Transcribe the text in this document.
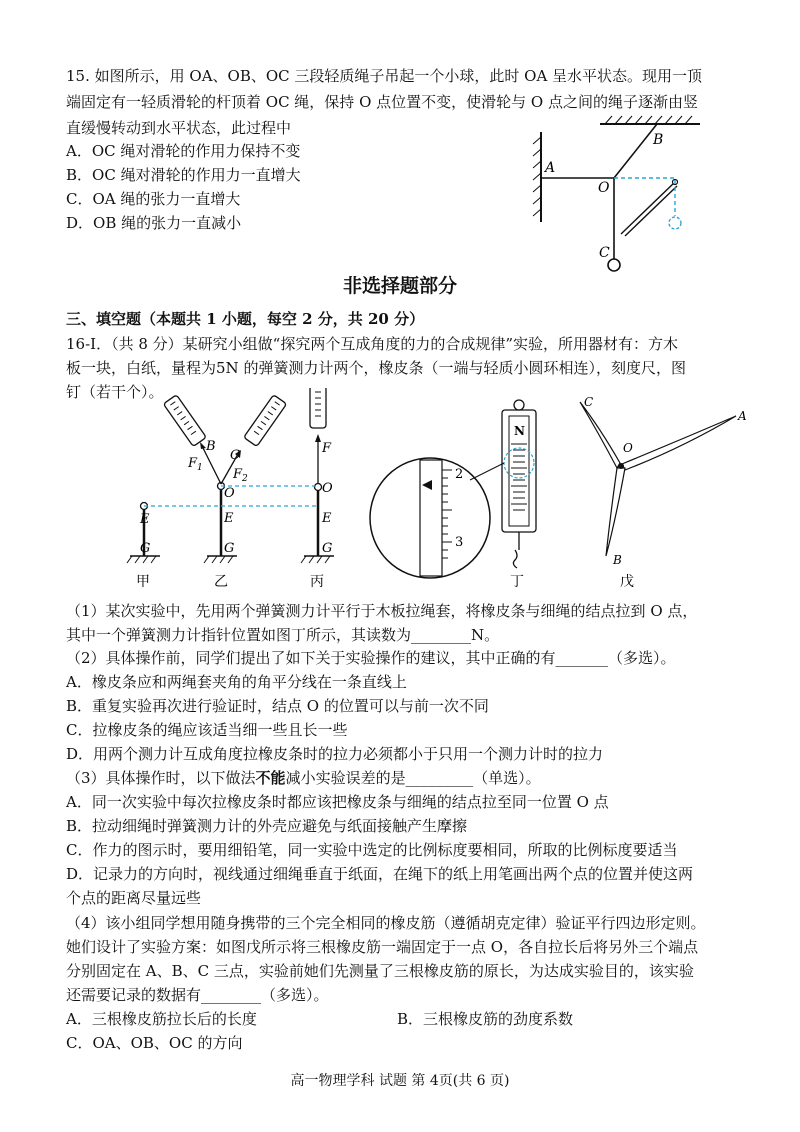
15. 如图所示，用 OA、OB、OC 三段轻质绳子吊起一个小球，此时 OA 呈水平状态。现用一顶
端固定有一轻质滑轮的杆顶着 OC 绳，保持 O 点位置不变，使滑轮与 O 点之间的绳子逐渐由竖
直缓慢转动到水平状态，此过程中
A．OC 绳对滑轮的作用力保持不变
B．OC 绳对滑轮的作用力一直增大
C．OA 绳的张力一直增大
D．OB 绳的张力一直减小
A
B
O
C
非选择题部分
三、填空题（本题共 1 小题，每空 2 分，共 20 分）
16-Ⅰ．（共 8 分）某研究小组做“探究两个互成角度的力的合成规律”实验，所用器材有：方木
板一块，白纸，量程为5N 的弹簧测力计两个，橡皮条（一端与轻质小圆环相连），刻度尺，图
钉（若干个）。
2
3
N
E
G
E
G
O
B
C
$F_1$ $F_2$
E
G
O
F
C
A
O
B
甲	乙	丙	丁	戊
（1）某次实验中，先用两个弹簧测力计平行于木板拉绳套，将橡皮条与细绳的结点拉到 O 点，
其中一个弹簧测力计指针位置如图丁所示，其读数为________N。
（2）具体操作前，同学们提出了如下关于实验操作的建议，其中正确的有_______（多选）。
A．橡皮条应和两绳套夹角的角平分线在一条直线上
B．重复实验再次进行验证时，结点 O 的位置可以与前一次不同
C．拉橡皮条的绳应该适当细一些且长一些
D．用两个测力计互成角度拉橡皮条时的拉力必须都小于只用一个测力计时的拉力
（3）具体操作时，以下做法不能减小实验误差的是_________（单选）。
A．同一次实验中每次拉橡皮条时都应该把橡皮条与细绳的结点拉至同一位置 O 点
B．拉动细绳时弹簧测力计的外壳应避免与纸面接触产生摩擦
C．作力的图示时，要用细铅笔，同一实验中选定的比例标度要相同，所取的比例标度要适当
D．记录力的方向时，视线通过细绳垂直于纸面，在绳下的纸上用笔画出两个点的位置并使这两
个点的距离尽量远些
（4）该小组同学想用随身携带的三个完全相同的橡皮筋（遵循胡克定律）验证平行四边形定则。
她们设计了实验方案：如图戊所示将三根橡皮筋一端固定于一点 O，各自拉长后将另外三个端点
分别固定在 A、B、C 三点，实验前她们先测量了三根橡皮筋的原长，为达成实验目的，该实验
还需要记录的数据有________（多选）。
A．三根橡皮筋拉长后的长度	B．三根橡皮筋的劲度系数
C．OA、OB、OC 的方向
高一物理学科 试题 第 4页(共 6 页)
